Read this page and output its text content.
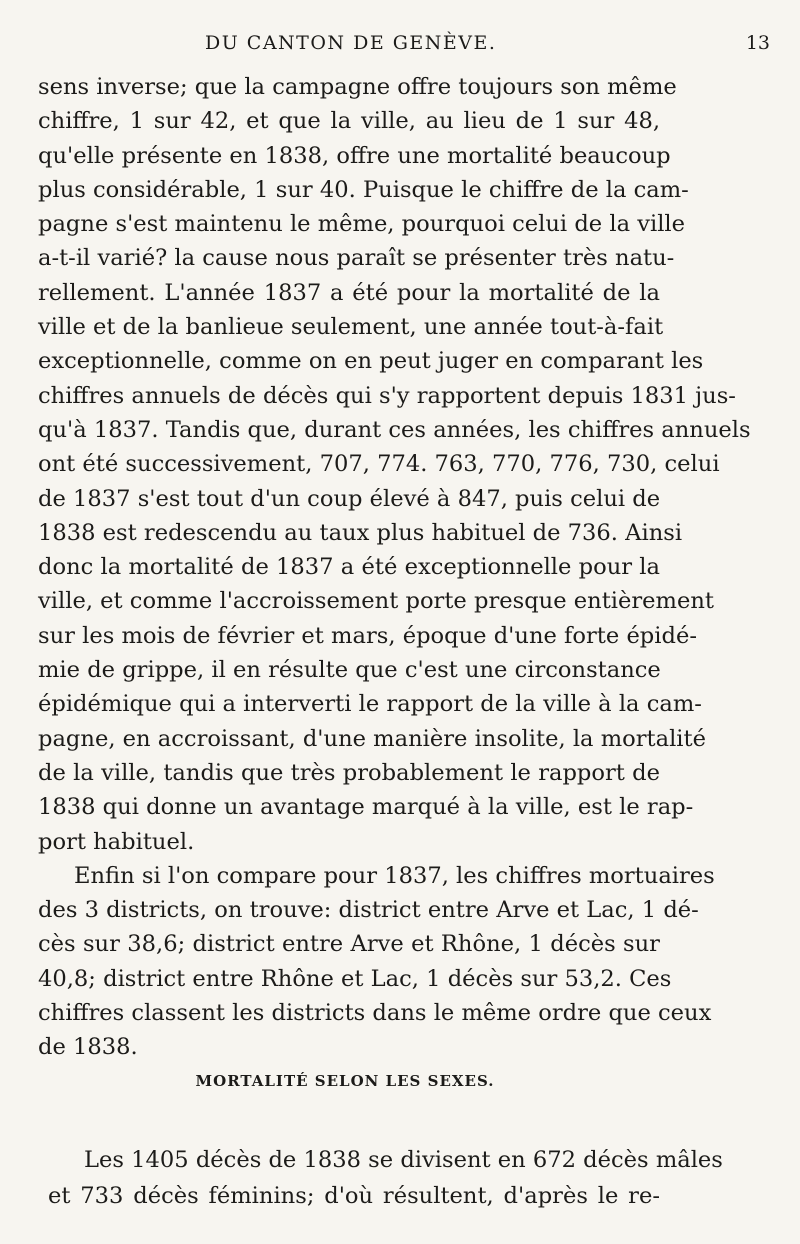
DU CANTON DE GENÈVE.	13

sens inverse; que la campagne offre toujours son même
chiffre, 1 sur 42, et que la ville, au lieu de 1 sur 48,
qu'elle présente en 1838, offre une mortalité beaucoup
plus considérable, 1 sur 40. Puisque le chiffre de la cam-
pagne s'est maintenu le même, pourquoi celui de la ville
a-t-il varié? la cause nous paraît se présenter très natu-
rellement. L'année 1837 a été pour la mortalité de la
ville et de la banlieue seulement, une année tout-à-fait
exceptionnelle, comme on en peut juger en comparant les
chiffres annuels de décès qui s'y rapportent depuis 1831 jus-
qu'à 1837. Tandis que, durant ces années, les chiffres annuels
ont été successivement, 707, 774. 763, 770, 776, 730, celui
de 1837 s'est tout d'un coup élevé à 847, puis celui de
1838 est redescendu au taux plus habituel de 736. Ainsi
donc la mortalité de 1837 a été exceptionnelle pour la
ville, et comme l'accroissement porte presque entièrement
sur les mois de février et mars, époque d'une forte épidé-
mie de grippe, il en résulte que c'est une circonstance
épidémique qui a interverti le rapport de la ville à la cam-
pagne, en accroissant, d'une manière insolite, la mortalité
de la ville, tandis que très probablement le rapport de
1838 qui donne un avantage marqué à la ville, est le rap-
port habituel.

Enfin si l'on compare pour 1837, les chiffres mortuaires
des 3 districts, on trouve: district entre Arve et Lac, 1 dé-
cès sur 38,6; district entre Arve et Rhône, 1 décès sur
40,8; district entre Rhône et Lac, 1 décès sur 53,2. Ces
chiffres classent les districts dans le même ordre que ceux
de 1838.

MORTALITÉ SELON LES SEXES.
Les 1405 décès de 1838 se divisent en 672 décès mâles
et 733 décès féminins; d'où résultent, d'après le re-
